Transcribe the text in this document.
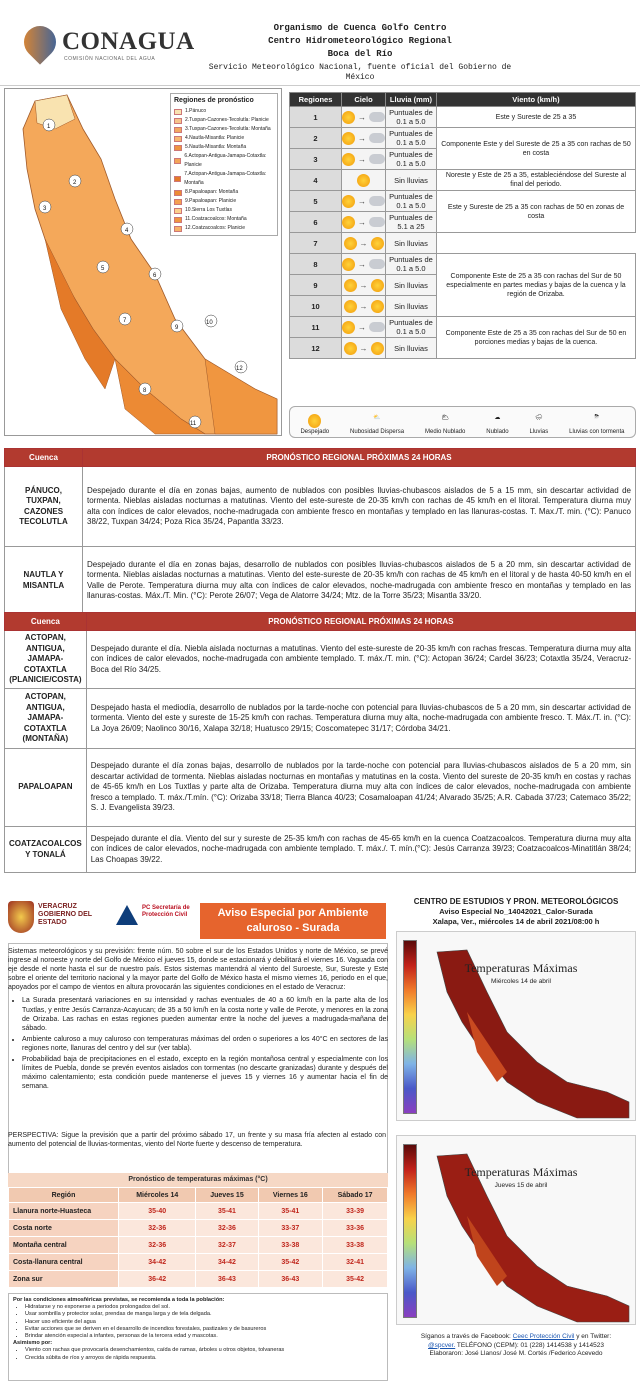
CONAGUA
COMISIÓN NACIONAL DEL AGUA
Organismo de Cuenca Golfo Centro
Centro Hidrometeorológico Regional
Boca del Río
Servicio Meteorológico Nacional, fuente oficial del Gobierno de México
1
2
3
4
5
6
7
8
9
10
11
12
Regiones de pronóstico
1.Pánuco
2.Tuxpan-Cazones-Tecolutla: Planicie
3.Tuxpan-Cazones-Tecolutla: Montaña
4.Nautla-Misantla: Planicie
5.Nautla-Misantla: Montaña
6.Actopan-Antigua-Jamapa-Cotaxtla: Planicie
7.Actopan-Antigua-Jamapa-Cotaxtla: Montaña
8.Papaloapan: Montaña
9.Papaloapan: Planicie
10.Sierra Los Tuxtlas
11.Coatzacoalcos: Montaña
12.Coatzacoalcos: Planicie
Regiones	Cielo	Lluvia (mm)	Viento (km/h)
1	→	Puntuales de 0.1 a 5.0	Este y Sureste de 25 a 35
2	→	Puntuales de 0.1 a 5.0	Componente Este y del Sureste de 25 a 35 con rachas de 50 en costa
3	→	Puntuales de 0.1 a 5.0	
4		Sin lluvias	Noreste y Este de 25 a 35, estableciéndose del Sureste al final del periodo.
5	→	Puntuales de 0.1 a 5.0	Este y Sureste de 25 a 35 con rachas de 50 en zonas de costa
6	→	Puntuales de 5.1 a 25	
7	→	Sin lluvias	
8	→	Puntuales de 0.1 a 5.0	Componente Este de 25 a 35 con rachas del Sur de 50 especialmente en partes medias y bajas de la cuenca y la región de Orizaba.
9	→	Sin lluvias	
10	→	Sin lluvias	
11	→	Puntuales de 0.1 a 5.0	Componente Este de 25 a 35 con rachas del Sur de 50 en porciones medias y bajas de la cuenca.
12	→	Sin lluvias	
Despejado
⛅
Nubosidad Dispersa
🌥
Medio Nublado
☁
Nublado
🌧
Lluvias
⛈
Lluvias con tormenta
Cuenca	PRONÓSTICO REGIONAL PRÓXIMAS 24 HORAS
PÁNUCO, TUXPAN, CAZONES TECOLUTLA	Despejado durante el día en zonas bajas, aumento de nublados con posibles lluvias-chubascos aislados de 5 a 15 mm, sin descartar actividad de tormenta. Nieblas aisladas nocturnas a matutinas. Viento del este-sureste de 20-35 km/h con rachas de 45 km/h en el litoral. Temperatura diurna muy alta con índices de calor elevados, noche-madrugada con ambiente fresco en montañas y templado en las llanuras-costas. T. Max./T. min. (°C): Panuco 38/22, Tuxpan 34/24; Poza Rica 35/24, Papantla 33/23.
NAUTLA Y MISANTLA	Despejado durante el día en zonas bajas, desarrollo de nublados con posibles lluvias-chubascos aislados de 5 a 20 mm, sin descartar actividad de tormenta. Nieblas aisladas nocturnas a matutinas. Viento del este-sureste de 20-35 km/h con rachas de 45 km/h en el litoral y de hasta 40-50 km/h en el Valle de Perote. Temperatura diurna muy alta con índices de calor elevados, noche-madrugada con ambiente fresco en montañas y templado en las llanuras-costas. Máx./T. Min. (°C): Perote 26/07; Vega de Alatorre 34/24; Mtz. de la Torre 35/23; Misantla 33/20.
Cuenca	PRONÓSTICO REGIONAL PRÓXIMAS 24 HORAS
ACTOPAN, ANTIGUA, JAMAPA-COTAXTLA (PLANICIE/COSTA)	Despejado durante el día. Niebla aislada nocturnas a matutinas. Viento del este-sureste de 20-35 km/h con rachas frescas. Temperatura diurna muy alta con índices de calor elevados, noche-madrugada con ambiente templado. T. máx./T. min. (°C): Actopan 36/24; Cardel 36/23; Cotaxtla 35/24, Veracruz-Boca del Río 34/25.
ACTOPAN, ANTIGUA, JAMAPA-COTAXTLA (MONTAÑA)	Despejado hasta el mediodía, desarrollo de nublados por la tarde-noche con potencial para lluvias-chubascos de 5 a 20 mm, sin descartar actividad de tormenta. Viento del este y sureste de 15-25 km/h con rachas. Temperatura diurna muy alta, noche-madrugada con ambiente fresco. T. Máx./T. in. (°C): La Joya 26/09; Naolinco 30/16, Xalapa 32/18; Huatusco 29/15; Coscomatepec 31/17; Córdoba 34/21.
PAPALOAPAN	Despejado durante el día zonas bajas, desarrollo de nublados por la tarde-noche con potencial para lluvias-chubascos aislados de 5 a 20 mm, sin descartar actividad de tormenta. Nieblas aisladas nocturnas en montañas y matutinas en la costa. Viento del sureste de 20-35 km/h en costas y rachas de 45-65 km/h en Los Tuxtlas y parte alta de Orizaba. Temperatura diurna muy alta con índices de calor elevados, noche-madrugada con ambiente fresco a templado. T. máx./T.mín. (°C): Orizaba 33/18; Tierra Blanca 40/23; Cosamaloapan 41/24; Alvarado 35/25; A.R. Cabada 37/23; Catemaco 35/22; S. J. Evangelista 39/23.
COATZACOALCOS Y TONALÁ	Despejado durante el día. Viento del sur y sureste de 25-35 km/h con rachas de 45-65 km/h en la cuenca Coatzacoalcos. Temperatura diurna muy alta con índices de calor elevados, noche-madrugada con ambiente templado. T. máx./. T. mín.(°C): Jesús Carranza 39/23; Coatzacoalcos-Minatitlán 38/24; Las Choapas 39/22.
VERACRUZ GOBIERNO DEL ESTADO
PC Secretaría de Protección Civil	Aviso Especial por Ambiente caluroso - Surada

Sistemas meteorológicos y su previsión: frente núm. 50 sobre el sur de los Estados Unidos y norte de México, se prevé ingrese al noroeste y norte del Golfo de México el jueves 15, donde se estacionará y debilitará el viernes 16. Vaguada con eje desde el norte hasta el sur de nuestro país. Estos sistemas mantendrá al viento del Suroeste, Sur, Sureste y Este sobre el oriente del territorio nacional y la mayor parte del Golfo de México hasta el mismo viernes 16, periodo en el que, apoyados por el campo de vientos en altura provocarán las siguientes condiciones en el estado de Veracruz:

• La Surada presentará variaciones en su intensidad y rachas eventuales de 40 a 60 km/h en la parte alta de los Tuxtlas, y entre Jesús Carranza-Acayucan; de 35 a 50 km/h en la costa norte y valle de Perote, y menores en la zona de Orizaba. Las rachas en estas regiones pueden aumentar entre la noche del jueves a madrugada-mañana del sábado.
• Ambiente caluroso a muy caluroso con temperaturas máximas del orden o superiores a los 40°C en sectores de las regiones norte, llanuras del centro y del sur (ver tabla).
• Probabilidad baja de precipitaciones en el estado, excepto en la región montañosa central y especialmente con los límites de Puebla, donde se prevén eventos aislados con tormentas (no descarte granizadas) durante y después del máximo calentamiento; esta condición puede mantenerse el jueves 15 y viernes 16 y aumentar hacia el fin de semana.
PERSPECTIVA: Sigue la previsión que a partir del próximo sábado 17, un frente y su masa fría afecten al estado con aumento del potencial de lluvias-tormentas, viento del Norte fuerte y descenso de temperatura.
Pronóstico de temperaturas máximas (°C)
Región	Miércoles 14	Jueves 15	Viernes 16	Sábado 17
Llanura norte-Huasteca	35-40	35-41	35-41	33-39
Costa norte	32-36	32-36	33-37	33-36
Montaña central	32-36	32-37	33-38	33-38
Costa-llanura central	34-42	34-42	35-42	32-41
Zona sur	36-42	36-43	36-43	35-42
Por las condiciones atmosféricas previstas, se recomienda a toda la población:
• Hidratarse y no exponerse a periodos prolongados del sol.
• Usar sombrilla y protector solar, prendas de manga larga y de tela delgada.
• Hacer uso eficiente del agua
• Evitar acciones que se deriven en el desarrollo de incendios forestales, pastizales y de basureros
• Brindar atención especial a infantes, personas de la tercera edad y mascotas.
Asimismo por:
• Viento con rachas que provocaría desenchamientos, caída de ramas, árboles u otros objetos, tolvaneras
• Crecida súbita de ríos y arroyos de rápida respuesta.
CENTRO DE ESTUDIOS Y PRON. METEOROLÓGICOS
Aviso Especial No_14042021_Calor-Surada
Xalapa, Ver., miércoles 14 de abril 2021/08:00 h
Temperaturas Máximas
Miércoles 14 de abril
Temperaturas Máximas
Jueves 15 de abril
Síganos a través de Facebook: Ceec Protección Civil y en Twitter:
@spcver. TELÉFONO (CEPM): 01 (228) 1414538 y 1414523
Elaboraron: José Llanos/ José M. Cortés /Federico Acevedo
